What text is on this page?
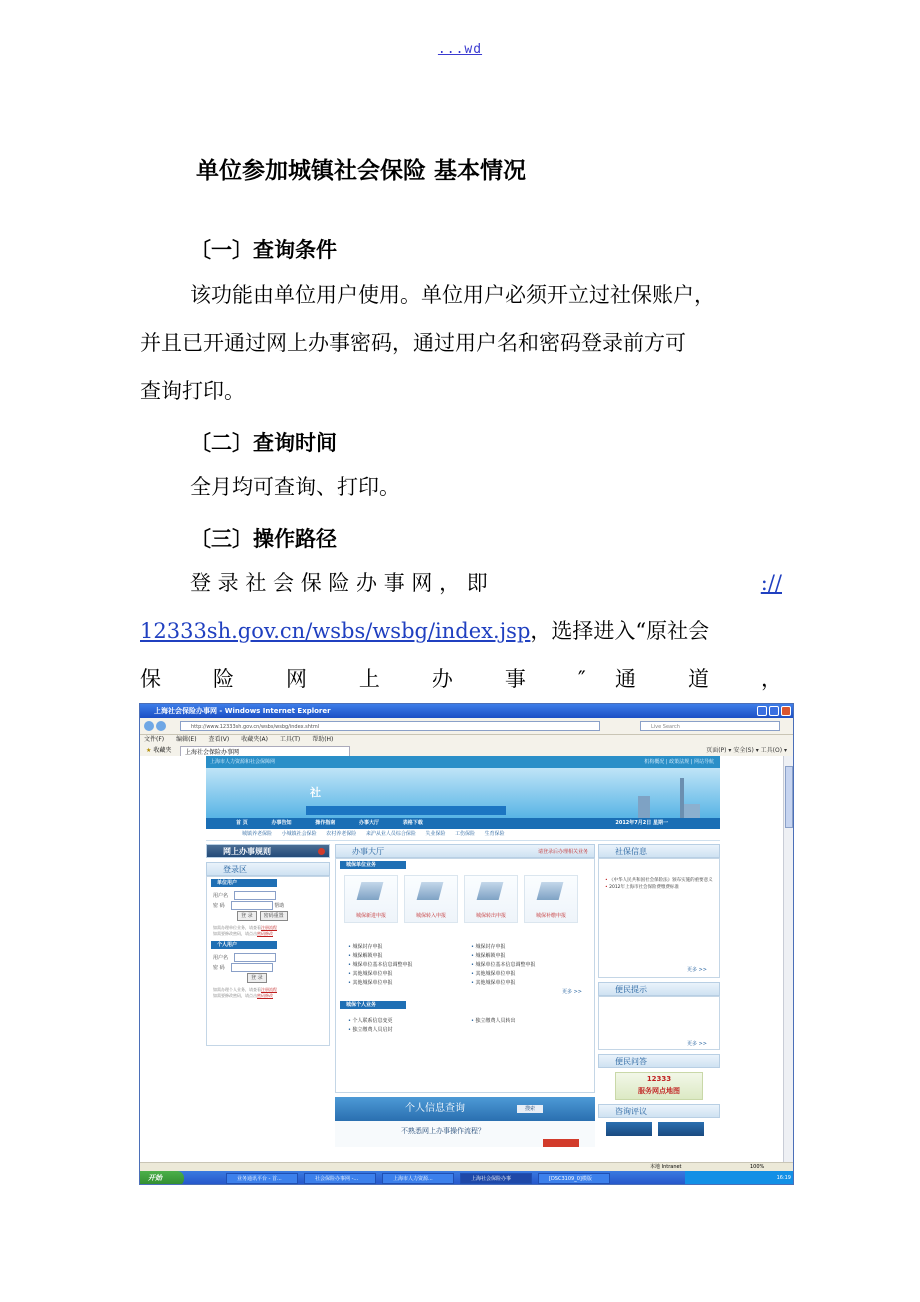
...wd
单位参加城镇社会保险 基本情况
〔一〕查询条件
该功能由单位用户使用。单位用户必须开立过社保账户，
并且已开通过网上办事密码，通过用户名和密码登录前方可
查询打印。
〔二〕查询时间
全月均可查询、打印。
〔三〕操作路径
登 录 社 会 保 险 办 事 网 ， 即	://
12333sh.gov.cn/wsbs/wsbg/index.jsp，选择进入“原社会
保 险 网 上 办 事 ″ 通 道 ，
上海社会保险办事网 - Windows Internet Explorer
http://www.12333sh.gov.cn/wsbs/wsbg/index.shtml	Live Search
文件(F) 编辑(E) 查看(V) 收藏夹(A) 工具(T) 帮助(H)
★ 收藏夹	上海社会保险办事网	页面(P) ▾ 安全(S) ▾ 工具(O) ▾
上海市人力资源和社会保障网	机构概况 | 政策法规 | 网站导航
社
首 页	办事告知	操作指南	办事大厅	表格下载	2012年7月2日 星期一
城镇养老保险 小城镇社会保险 农村养老保险 来沪从业人员综合保险 失业保险 工伤保险 生育保险
网上办事规则
登录区
单位用户
用户名
密 码	帮助
登 录 密码重置
如需办理单位业务，请查看注册流程
如需要修改密码，请点击密码修改
个人用户
用户名
密 码
登 录
如需办理个人业务，请查看注册流程
如需要修改密码，请点击密码修改
办事大厅	请登录后办理相关业务
城保单位业务
城保新进申报	城保转入申报	城保转出申报	城保补缴申报
• 城保封存申报
• 城保解锁申报
• 城保单位基本信息调整申报
• 其他城保单位申报
• 其他城保单位申报
• 城保封存申报
• 城保解锁申报
• 城保单位基本信息调整申报
• 其他城保单位申报
• 其他城保单位申报
更多 >>
城保个人业务
• 个人联系信息变更
• 独立缴费人员启封
• 独立缴费人员转出
个人信息查询	搜索
不熟悉网上办事操作流程？
社保信息
• 《中华人民共和国社会保险法》颁布实施的重要意义
• 2012年上海市社会保险费缴费标准
更多 >>
便民提示
更多 >>
便民问答
12333
服务网点地图
咨询评议
本地 Intranet	100%
开始	业务通讯平台 - 首...	社会保险办事网 -...	上海市人力资源...	上海社会保险办事	[DSC3109_0]模版	16:19
